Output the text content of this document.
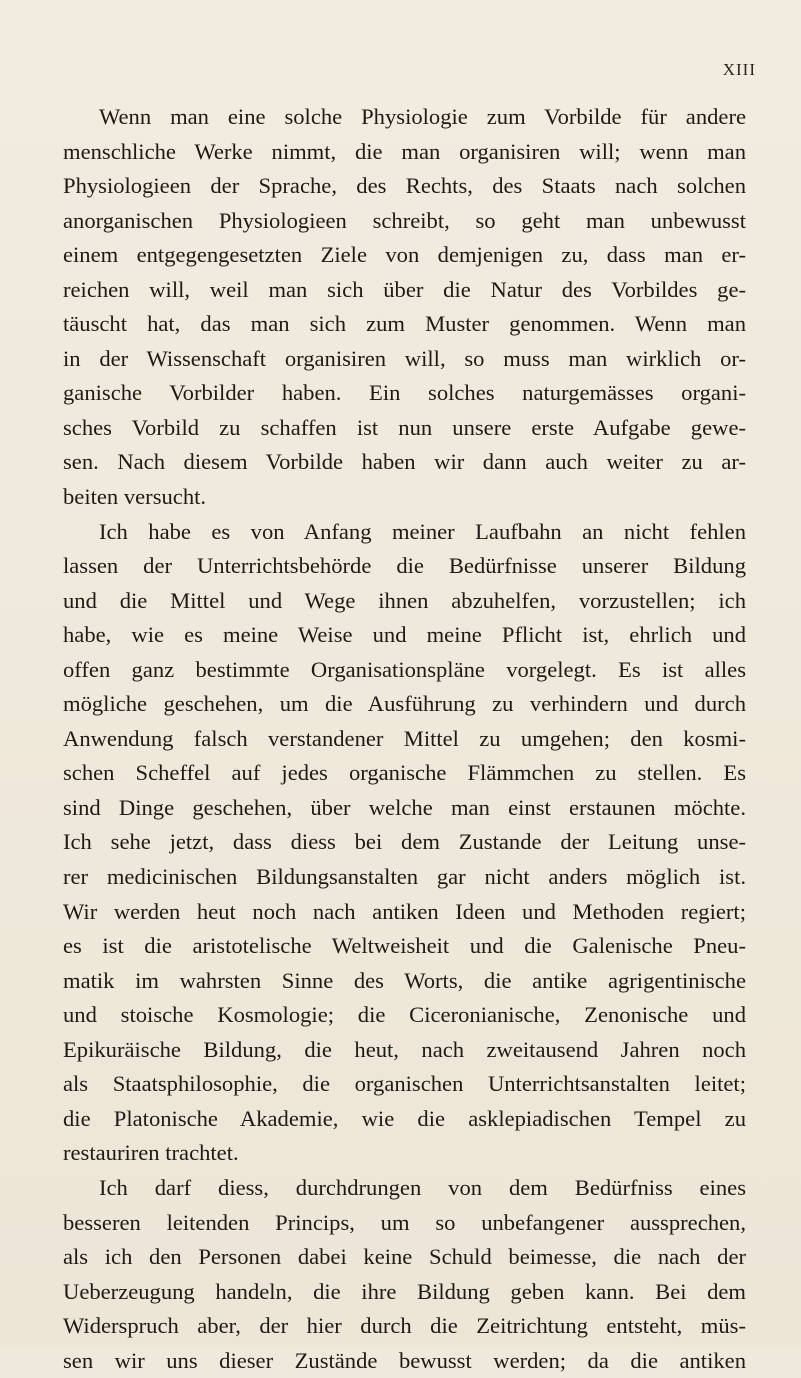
XIII
Wenn man eine solche Physiologie zum Vorbilde für andere
menschliche Werke nimmt, die man organisiren will; wenn man
Physiologieen der Sprache, des Rechts, des Staats nach solchen
anorganischen Physiologieen schreibt, so geht man unbewusst
einem entgegengesetzten Ziele von demjenigen zu, dass man er-
reichen will, weil man sich über die Natur des Vorbildes ge-
täuscht hat, das man sich zum Muster genommen. Wenn man
in der Wissenschaft organisiren will, so muss man wirklich or-
ganische Vorbilder haben. Ein solches naturgemässes organi-
sches Vorbild zu schaffen ist nun unsere erste Aufgabe gewe-
sen. Nach diesem Vorbilde haben wir dann auch weiter zu ar-
beiten versucht.
Ich habe es von Anfang meiner Laufbahn an nicht fehlen
lassen der Unterrichtsbehörde die Bedürfnisse unserer Bildung
und die Mittel und Wege ihnen abzuhelfen, vorzustellen; ich
habe, wie es meine Weise und meine Pflicht ist, ehrlich und
offen ganz bestimmte Organisationspläne vorgelegt. Es ist alles
mögliche geschehen, um die Ausführung zu verhindern und durch
Anwendung falsch verstandener Mittel zu umgehen; den kosmi-
schen Scheffel auf jedes organische Flämmchen zu stellen. Es
sind Dinge geschehen, über welche man einst erstaunen möchte.
Ich sehe jetzt, dass diess bei dem Zustande der Leitung unse-
rer medicinischen Bildungsanstalten gar nicht anders möglich ist.
Wir werden heut noch nach antiken Ideen und Methoden regiert;
es ist die aristotelische Weltweisheit und die Galenische Pneu-
matik im wahrsten Sinne des Worts, die antike agrigentinische
und stoische Kosmologie; die Ciceronianische, Zenonische und
Epikuräische Bildung, die heut, nach zweitausend Jahren noch
als Staatsphilosophie, die organischen Unterrichtsanstalten leitet;
die Platonische Akademie, wie die asklepiadischen Tempel zu
restauriren trachtet.
Ich darf diess, durchdrungen von dem Bedürfniss eines
besseren leitenden Princips, um so unbefangener aussprechen,
als ich den Personen dabei keine Schuld beimesse, die nach der
Ueberzeugung handeln, die ihre Bildung geben kann. Bei dem
Widerspruch aber, der hier durch die Zeitrichtung entsteht, müs-
sen wir uns dieser Zustände bewusst werden; da die antiken
